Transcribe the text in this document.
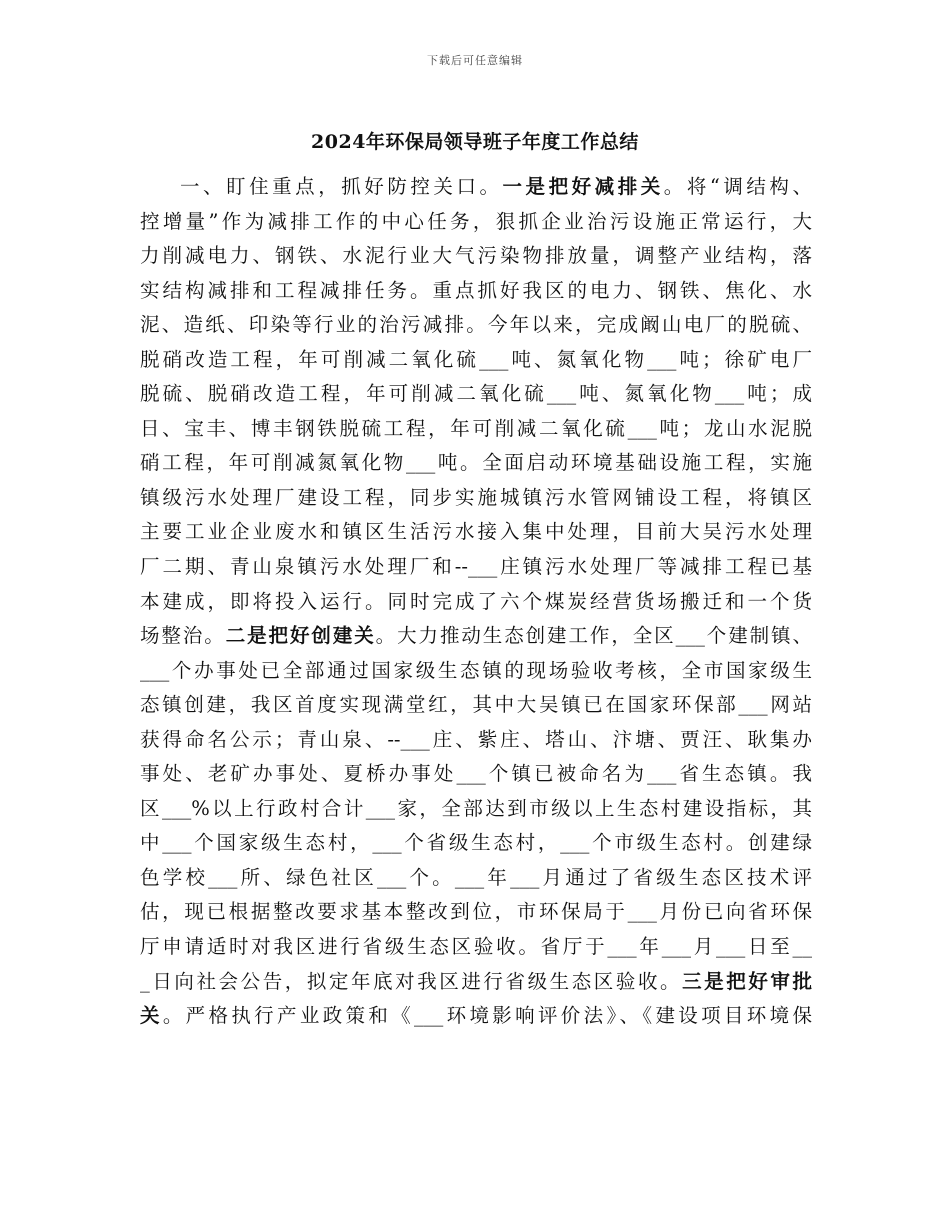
下载后可任意编辑
2024年环保局领导班子年度工作总结
一、盯住重点，抓好防控关口。一是把好减排关。将“调结构、
控增量”作为减排工作的中心任务，狠抓企业治污设施正常运行，大
力削减电力、钢铁、水泥行业大气污染物排放量，调整产业结构，落
实结构减排和工程减排任务。重点抓好我区的电力、钢铁、焦化、水
泥、造纸、印染等行业的治污减排。今年以来，完成阚山电厂的脱硫、
脱硝改造工程，年可削减二氧化硫___吨、氮氧化物___吨；徐矿电厂
脱硫、脱硝改造工程，年可削减二氧化硫___吨、氮氧化物___吨；成
日、宝丰、博丰钢铁脱硫工程，年可削减二氧化硫___吨；龙山水泥脱
硝工程，年可削减氮氧化物___吨。全面启动环境基础设施工程，实施
镇级污水处理厂建设工程，同步实施城镇污水管网铺设工程，将镇区
主要工业企业废水和镇区生活污水接入集中处理，目前大吴污水处理
厂二期、青山泉镇污水处理厂和--___庄镇污水处理厂等减排工程已基
本建成，即将投入运行。同时完成了六个煤炭经营货场搬迁和一个货
场整治。二是把好创建关。大力推动生态创建工作，全区___个建制镇、
___个办事处已全部通过国家级生态镇的现场验收考核，全市国家级生
态镇创建，我区首度实现满堂红，其中大吴镇已在国家环保部___网站
获得命名公示；青山泉、--___庄、紫庄、塔山、汴塘、贾汪、耿集办
事处、老矿办事处、夏桥办事处___个镇已被命名为___省生态镇。我
区___%以上行政村合计___家，全部达到市级以上生态村建设指标，其
中___个国家级生态村，___个省级生态村，___个市级生态村。创建绿
色学校___所、绿色社区___个。___年___月通过了省级生态区技术评
估，现已根据整改要求基本整改到位，市环保局于___月份已向省环保
厅申请适时对我区进行省级生态区验收。省厅于___年___月___日至__
_日向社会公告，拟定年底对我区进行省级生态区验收。三是把好审批
关。严格执行产业政策和《___环境影响评价法》、《建设项目环境保
